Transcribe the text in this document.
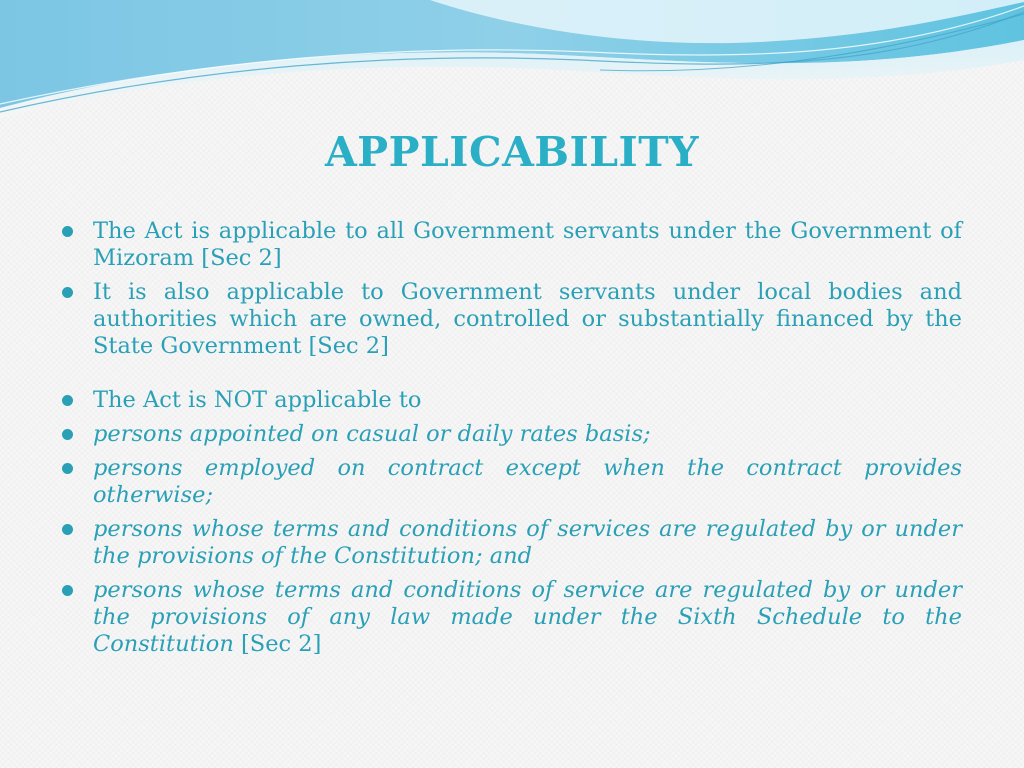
APPLICABILITY
The Act is applicable to all Government servants under the Government of Mizoram [Sec 2]
It is also applicable to Government servants under local bodies and authorities which are owned, controlled or substantially financed by the State Government [Sec 2]
The Act is NOT applicable to
persons appointed on casual or daily rates basis;
persons employed on contract except when the contract provides otherwise;
persons whose terms and conditions of services are regulated by or under the provisions of the Constitution; and
persons whose terms and conditions of service are regulated by or under the provisions of any law made under the Sixth Schedule to the Constitution [Sec 2]
